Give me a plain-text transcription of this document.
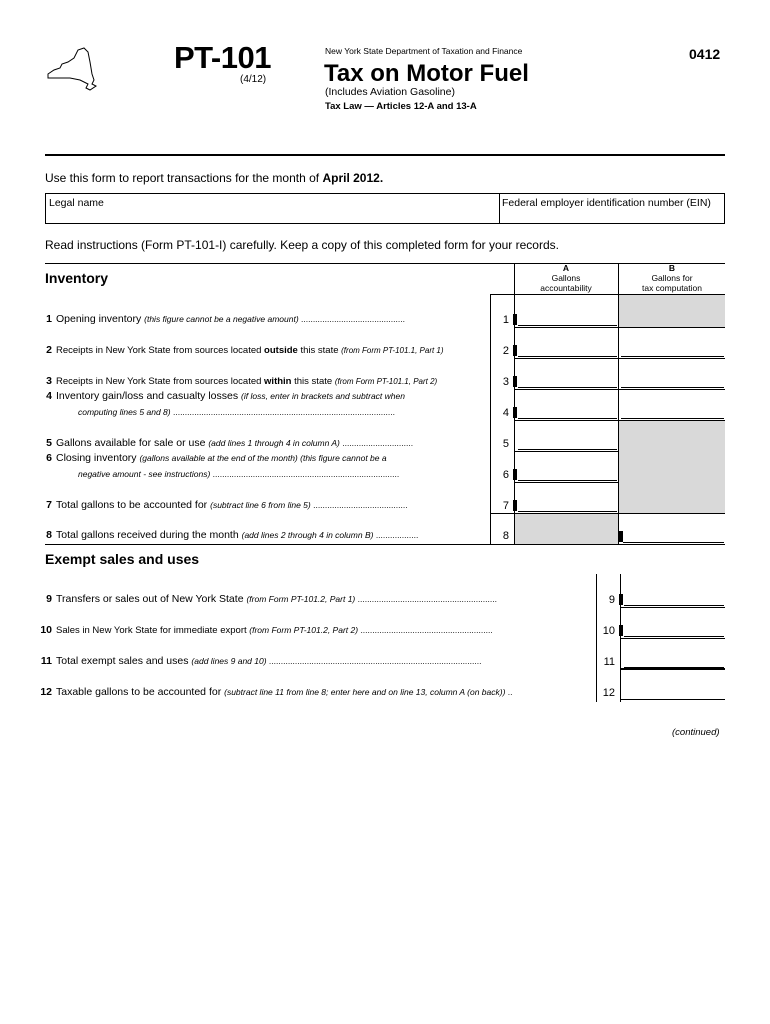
PT-101
(4/12)
New York State Department of Taxation and Finance
Tax on Motor Fuel
(Includes Aviation Gasoline)
Tax Law — Articles 12-A and 13-A
0412
Use this form to report transactions for the month of April 2012.
Legal name	Federal employer identification number (EIN)
Read instructions (Form PT-101-I) carefully. Keep a copy of this completed form for your records.
Inventory
A
Gallons
accountability
B
Gallons for
tax computation
1 Opening inventory (this figure cannot be a negative amount) ............................................	1
2 Receipts in New York State from sources located outside this state (from Form PT-101.1, Part 1)	2
3 Receipts in New York State from sources located within this state (from Form PT-101.1, Part 2)	3
4 Inventory gain/loss and casualty losses (if loss, enter in brackets and subtract when
computing lines 5 and 8) ..............................................................................................	4
5 Gallons available for sale or use (add lines 1 through 4 in column A) ..............................	5
6 Closing inventory (gallons available at the end of the month) (this figure cannot be a
negative amount - see instructions) ...............................................................................	6
7 Total gallons to be accounted for (subtract line 6 from line 5) ........................................	7
8 Total gallons received during the month (add lines 2 through 4 in column B) ..................	8
Exempt sales and uses
9 Transfers or sales out of New York State (from Form PT-101.2, Part 1) ...........................................................	9
10 Sales in New York State for immediate export (from Form PT-101.2, Part 2) ........................................................	10
11 Total exempt sales and uses (add lines 9 and 10) ..........................................................................................	11
12 Taxable gallons to be accounted for (subtract line 11 from line 8; enter here and on line 13, column A (on back)) ..	12
(continued)
